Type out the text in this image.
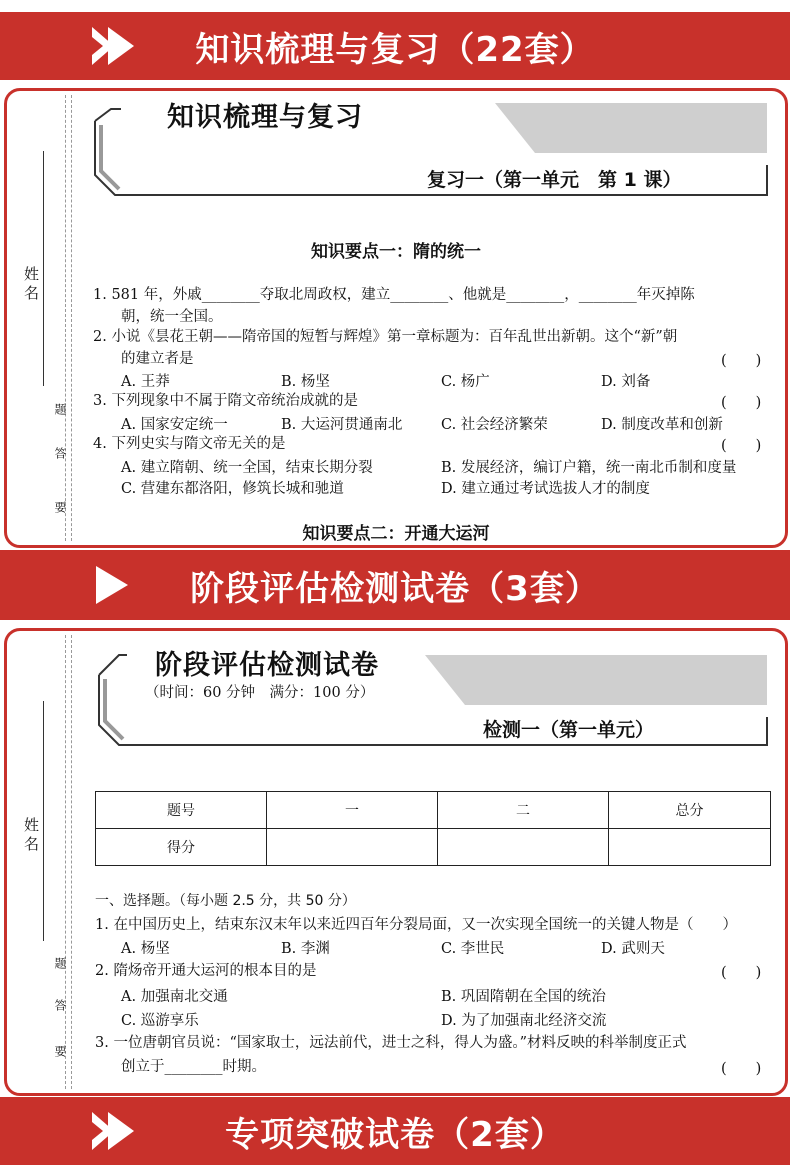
知识梳理与复习（22套）
姓名
题
答
要
知识梳理与复习
复习一（第一单元　第 1 课）
知识要点一：隋的统一
1. 581 年，外戚________夺取北周政权，建立________、他就是________，________年灭掉陈
朝，统一全国。
2. 小说《昙花王朝——隋帝国的短暂与辉煌》第一章标题为：百年乱世出新朝。这个“新”朝
的建立者是	(　　)
A. 王莽	B. 杨坚	C. 杨广	D. 刘备
3. 下列现象中不属于隋文帝统治成就的是	(　　)
A. 国家安定统一	B. 大运河贯通南北	C. 社会经济繁荣	D. 制度改革和创新
4. 下列史实与隋文帝无关的是	(　　)
A. 建立隋朝、统一全国，结束长期分裂	B. 发展经济，编订户籍，统一南北币制和度量
C. 营建东都洛阳，修筑长城和驰道	D. 建立通过考试选拔人才的制度
知识要点二：开通大运河
阶段评估检测试卷（3套）
姓名
题
答
要
阶段评估检测试卷
（时间：60 分钟　满分：100 分）
检测一（第一单元）
题号	一	二	总分
得分			
一、选择题。（每小题 2.5 分，共 50 分）
1. 在中国历史上，结束东汉末年以来近四百年分裂局面，又一次实现全国统一的关键人物是（　　）
A. 杨坚	B. 李渊	C. 李世民	D. 武则天
2. 隋炀帝开通大运河的根本目的是	(　　)
A. 加强南北交通	B. 巩固隋朝在全国的统治
C. 巡游享乐	D. 为了加强南北经济交流
3. 一位唐朝官员说：“国家取士，远法前代，进士之科，得人为盛。”材料反映的科举制度正式
创立于________时期。	(　　)
专项突破试卷（2套）
